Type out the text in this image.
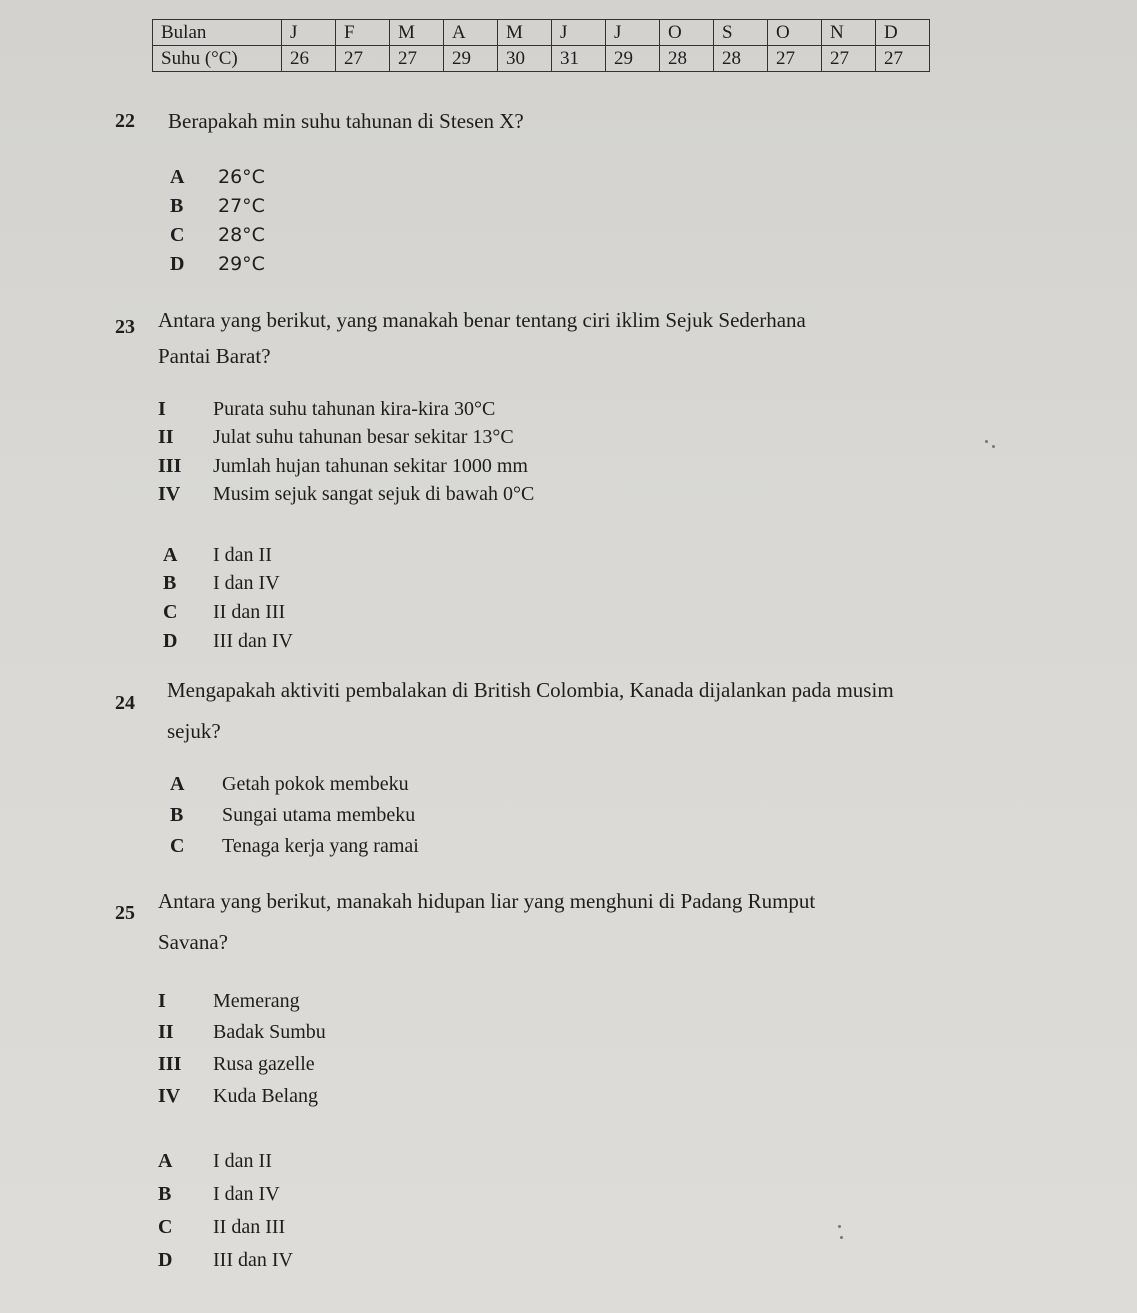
Bulan	J	F	M	A	M	J	J	O	S	O	N	D
Suhu (°C)	26	27	27	29	30	31	29	28	28	27	27	27
22 Berapakah min suhu tahunan di Stesen X?
A 26°C
B 27°C
C 28°C
D 29°C
23 Antara yang berikut, yang manakah benar tentang ciri iklim Sejuk Sederhana
Pantai Barat?
I Purata suhu tahunan kira-kira 30°C
II Julat suhu tahunan besar sekitar 13°C
III Jumlah hujan tahunan sekitar 1000 mm
IV Musim sejuk sangat sejuk di bawah 0°C
A I dan II
B I dan IV
C II dan III
D III dan IV
24
Mengapakah aktiviti pembalakan di British Colombia, Kanada dijalankan pada musim
sejuk?
A Getah pokok membeku
B Sungai utama membeku
C Tenaga kerja yang ramai
25 Antara yang berikut, manakah hidupan liar yang menghuni di Padang Rumput
Savana?
I Memerang
II Badak Sumbu
III Rusa gazelle
IV Kuda Belang
A I dan II
B I dan IV
C II dan III
D III dan IV
